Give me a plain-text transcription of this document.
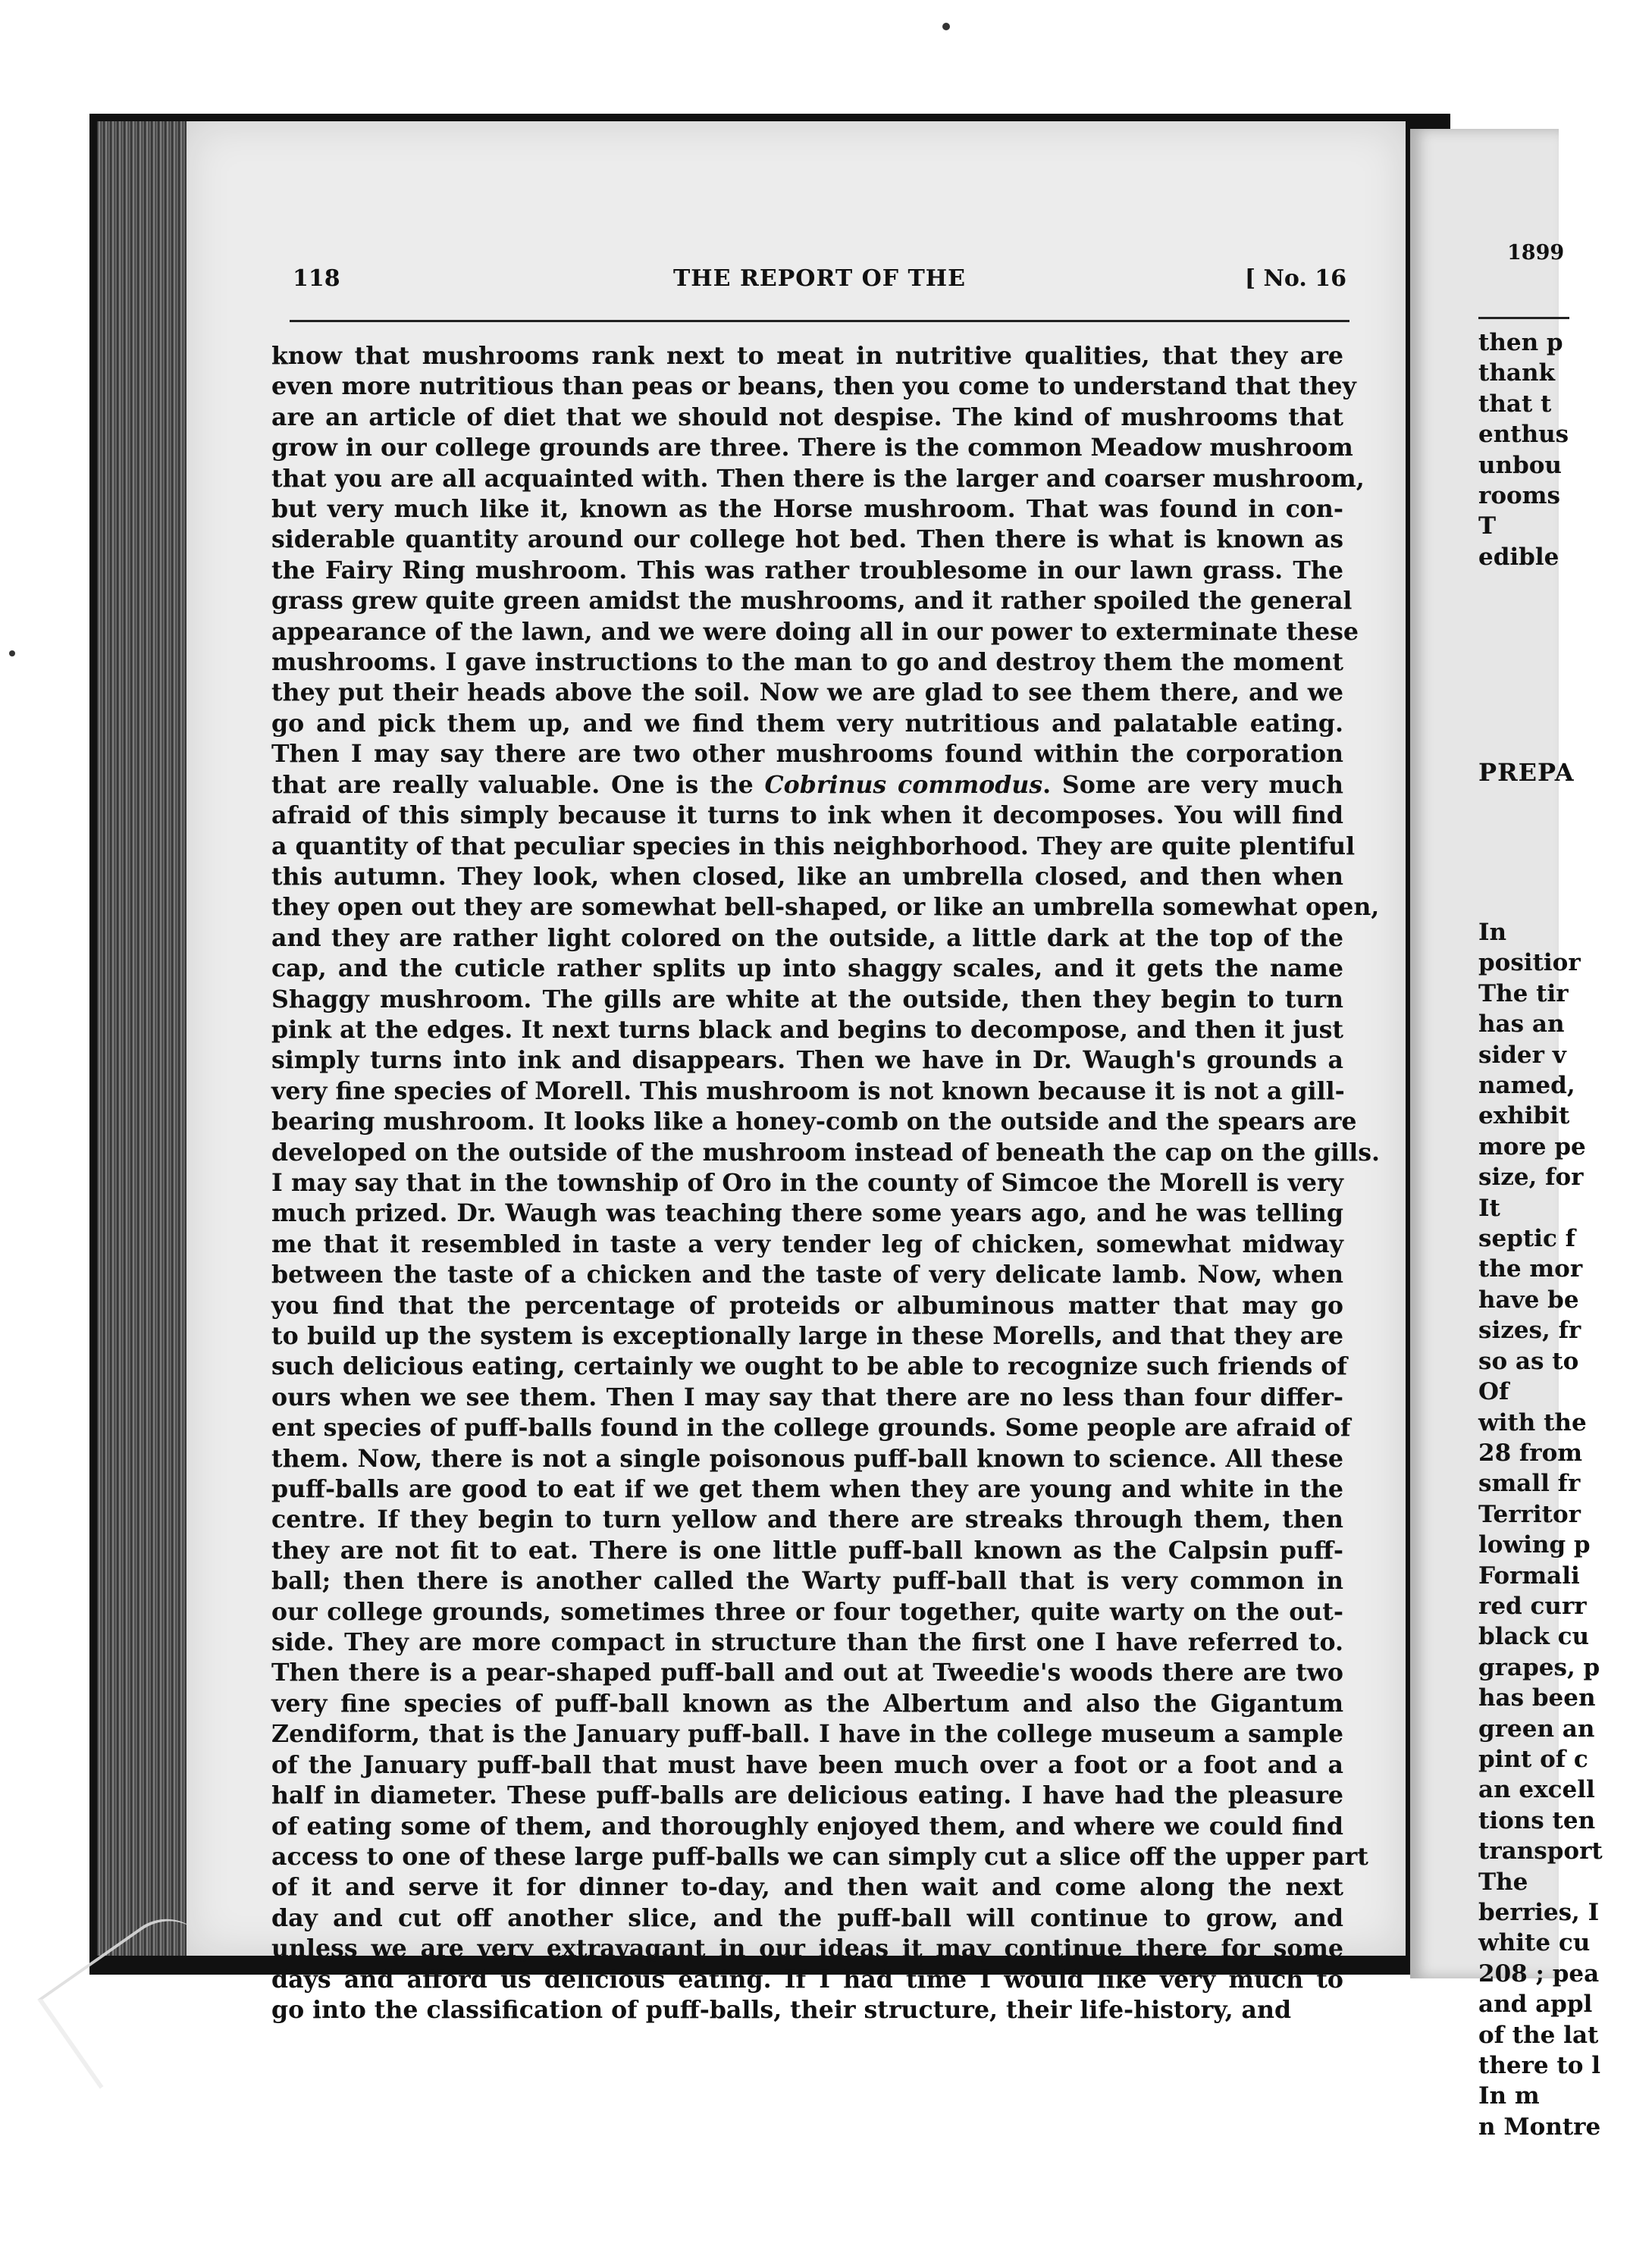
118	THE REPORT OF THE	[ No. 16
know that mushrooms rank next to meat in nutritive qualities, that they are
even more nutritious than peas or beans, then you come to understand that they
are an article of diet that we should not despise. The kind of mushrooms that
grow in our college grounds are three. There is the common Meadow mushroom
that you are all acquainted with. Then there is the larger and coarser mushroom,
but very much like it, known as the Horse mushroom. That was found in con-
siderable quantity around our college hot bed. Then there is what is known as
the Fairy Ring mushroom. This was rather troublesome in our lawn grass. The
grass grew quite green amidst the mushrooms, and it rather spoiled the general
appearance of the lawn, and we were doing all in our power to exterminate these
mushrooms. I gave instructions to the man to go and destroy them the moment
they put their heads above the soil. Now we are glad to see them there, and we
go and pick them up, and we find them very nutritious and palatable eating.
Then I may say there are two other mushrooms found within the corporation
that are really valuable. One is the Cobrinus commodus. Some are very much
afraid of this simply because it turns to ink when it decomposes. You will find
a quantity of that peculiar species in this neighborhood. They are quite plentiful
this autumn. They look, when closed, like an umbrella closed, and then when
they open out they are somewhat bell-shaped, or like an umbrella somewhat open,
and they are rather light colored on the outside, a little dark at the top of the
cap, and the cuticle rather splits up into shaggy scales, and it gets the name
Shaggy mushroom. The gills are white at the outside, then they begin to turn
pink at the edges. It next turns black and begins to decompose, and then it just
simply turns into ink and disappears. Then we have in Dr. Waugh's grounds a
very fine species of Morell. This mushroom is not known because it is not a gill-
bearing mushroom. It looks like a honey-comb on the outside and the spears are
developed on the outside of the mushroom instead of beneath the cap on the gills.
I may say that in the township of Oro in the county of Simcoe the Morell is very
much prized. Dr. Waugh was teaching there some years ago, and he was telling
me that it resembled in taste a very tender leg of chicken, somewhat midway
between the taste of a chicken and the taste of very delicate lamb. Now, when
you find that the percentage of proteids or albuminous matter that may go
to build up the system is exceptionally large in these Morells, and that they are
such delicious eating, certainly we ought to be able to recognize such friends of
ours when we see them. Then I may say that there are no less than four differ-
ent species of puff-balls found in the college grounds. Some people are afraid of
them. Now, there is not a single poisonous puff-ball known to science. All these
puff-balls are good to eat if we get them when they are young and white in the
centre. If they begin to turn yellow and there are streaks through them, then
they are not fit to eat. There is one little puff-ball known as the Calpsin puff-
ball; then there is another called the Warty puff-ball that is very common in
our college grounds, sometimes three or four together, quite warty on the out-
side. They are more compact in structure than the first one I have referred to.
Then there is a pear-shaped puff-ball and out at Tweedie's woods there are two
very fine species of puff-ball known as the Albertum and also the Gigantum
Zendiform, that is the January puff-ball. I have in the college museum a sample
of the January puff-ball that must have been much over a foot or a foot and a
half in diameter. These puff-balls are delicious eating. I have had the pleasure
of eating some of them, and thoroughly enjoyed them, and where we could find
access to one of these large puff-balls we can simply cut a slice off the upper part
of it and serve it for dinner to-day, and then wait and come along the next
day and cut off another slice, and the puff-ball will continue to grow, and
unless we are very extravagant in our ideas it may continue there for some
days and afford us delicious eating. If I had time I would like very much to
go into the classification of puff-balls, their structure, their life-history, and
1899
then p
thank
that t
enthus
unbou
rooms
T
edible
PREPA
In
positior
The tir
has an
sider v
named,
exhibit
more pe
size, for
It
septic f
the mor
have be
sizes, fr
so as to
Of
with the
28 from
small fr
Territor
lowing p
Formali
red curr
black cu
grapes, p
has been
green an
pint of c
an excell
tions ten
transport
The
berries, I
white cu
208 ; pea
and appl
of the lat
there to l
In m
n Montre
